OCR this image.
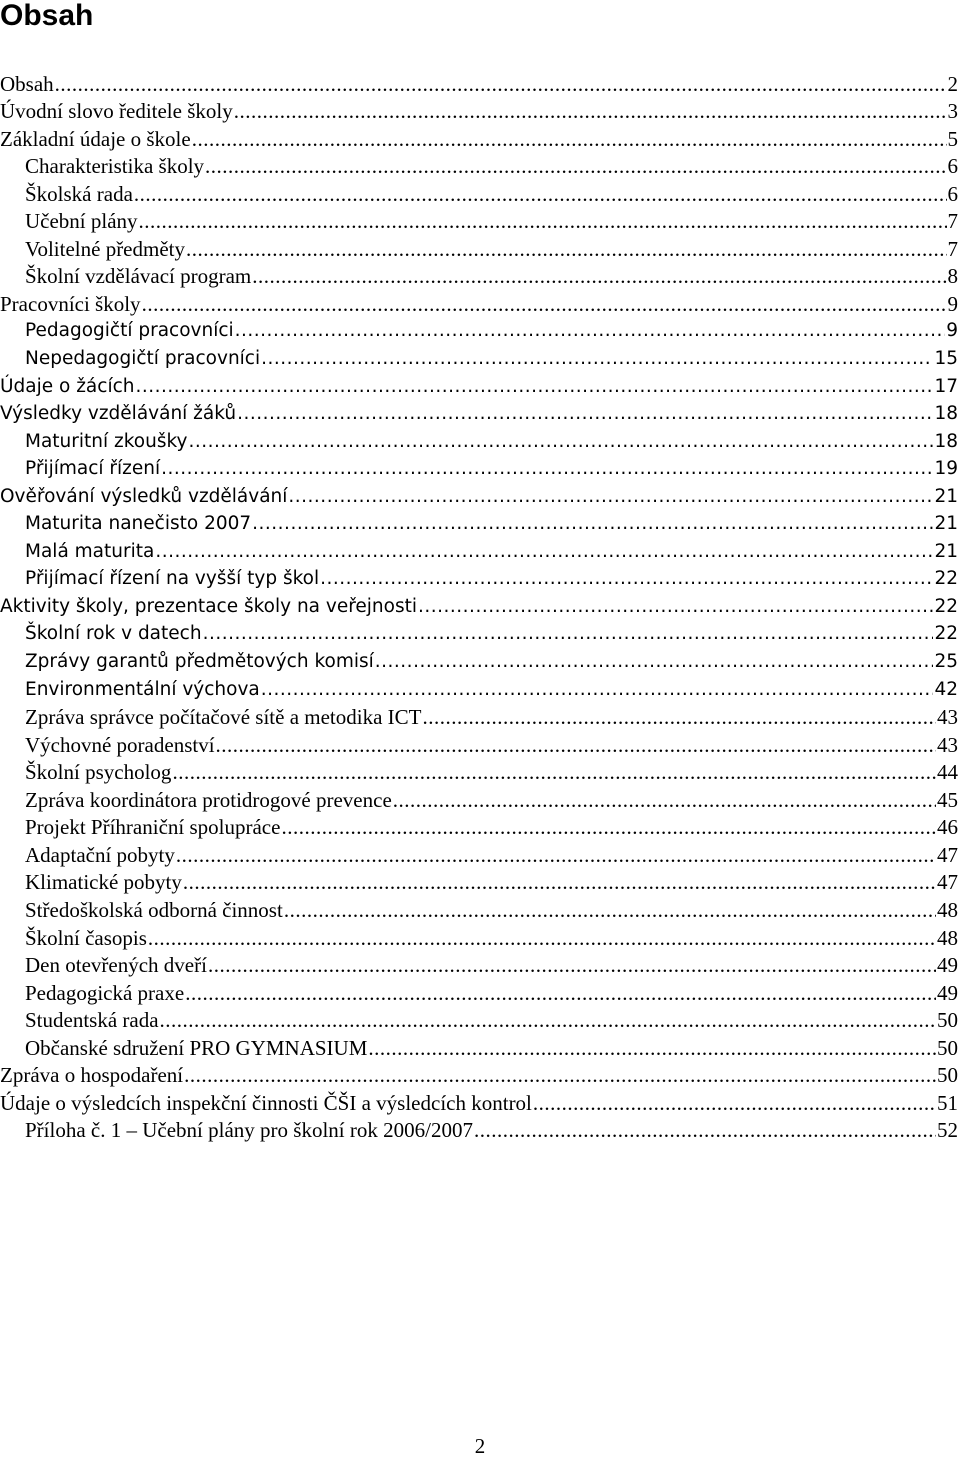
Obsah
Obsah .....	2
Úvodní slovo ředitele školy .....	3
Základní údaje o škole .....	5
Charakteristika školy .....	6
Školská rada .....	6
Učební plány .....	7
Volitelné předměty .....	7
Školní vzdělávací program .....	8
Pracovníci školy .....	9
Pedagogičtí pracovníci .....	9
Nepedagogičtí pracovníci .....	15
Údaje o žácích .....	17
Výsledky vzdělávání žáků .....	18
Maturitní zkoušky .....	18
Přijímací řízení .....	19
Ověřování výsledků vzdělávání .....	21
Maturita nanečisto 2007 .....	21
Malá maturita .....	21
Přijímací řízení na vyšší typ škol .....	22
Aktivity školy, prezentace školy na veřejnosti .....	22
Školní rok v datech .....	22
Zprávy garantů předmětových komisí .....	25
Environmentální výchova .....	42
Zpráva správce počítačové sítě a metodika ICT .....	43
Výchovné poradenství .....	43
Školní psycholog .....	44
Zpráva koordinátora protidrogové prevence .....	45
Projekt Příhraniční spolupráce .....	46
Adaptační pobyty .....	47
Klimatické pobyty .....	47
Středoškolská odborná činnost .....	48
Školní časopis .....	48
Den otevřených dveří .....	49
Pedagogická praxe .....	49
Studentská rada .....	50
Občanské sdružení PRO GYMNASIUM .....	50
Zpráva o hospodaření .....	50
Údaje o výsledcích inspekční činnosti ČŠI a výsledcích kontrol .....	51
Příloha č. 1 – Učební plány pro školní rok 2006/2007 .....	52
2
